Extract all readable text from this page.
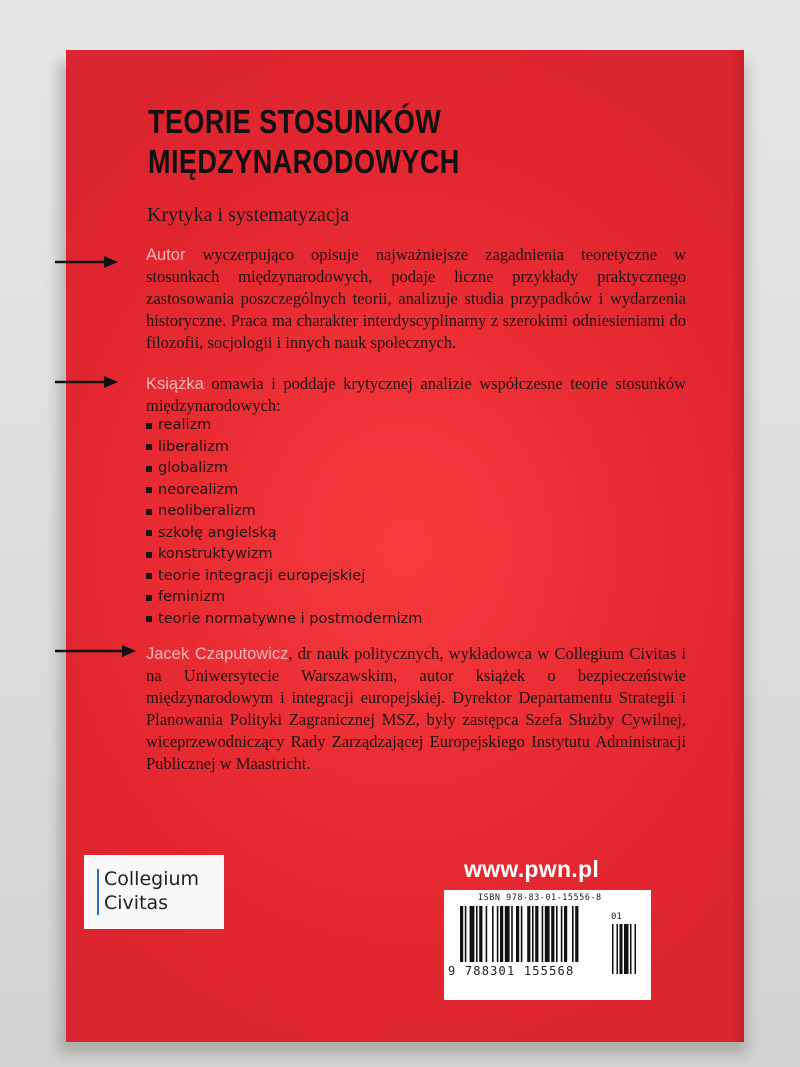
TEORIE STOSUNKÓW
MIĘDZYNARODOWYCH

Krytyka i systematyzacja

Autor wyczerpująco opisuje najważniejsze zagadnienia teoretyczne w stosunkach międzynarodowych, podaje liczne przykłady praktycznego zastosowania poszczególnych teorii, analizuje studia przypadków i wydarzenia historyczne. Praca ma charakter interdyscyplinarny z szerokimi odniesieniami do filozofii, socjologii i innych nauk społecznych.

Książka omawia i poddaje krytycznej analizie współczesne teorie stosunków międzynarodowych:

realizm
liberalizm
globalizm
neorealizm
neoliberalizm
szkołę angielską
konstruktywizm
teorie integracji europejskiej
feminizm
teorie normatywne i postmodernizm

Jacek Czaputowicz, dr nauk politycznych, wykładowca w Collegium Civitas i na Uniwersytecie Warszawskim, autor książek o bezpieczeństwie międzynarodowym i integracji europejskiej. Dyrektor Departamentu Strategii i Planowania Polityki Zagranicznej MSZ, były zastępca Szefa Służby Cywilnej, wiceprzewodniczący Rady Zarządzającej Europejskiego Instytutu Administracji Publicznej w Maastricht.

Collegium
Civitas
www.pwn.pl
ISBN 978-83-01-15556-8
9 788301 155568
01
